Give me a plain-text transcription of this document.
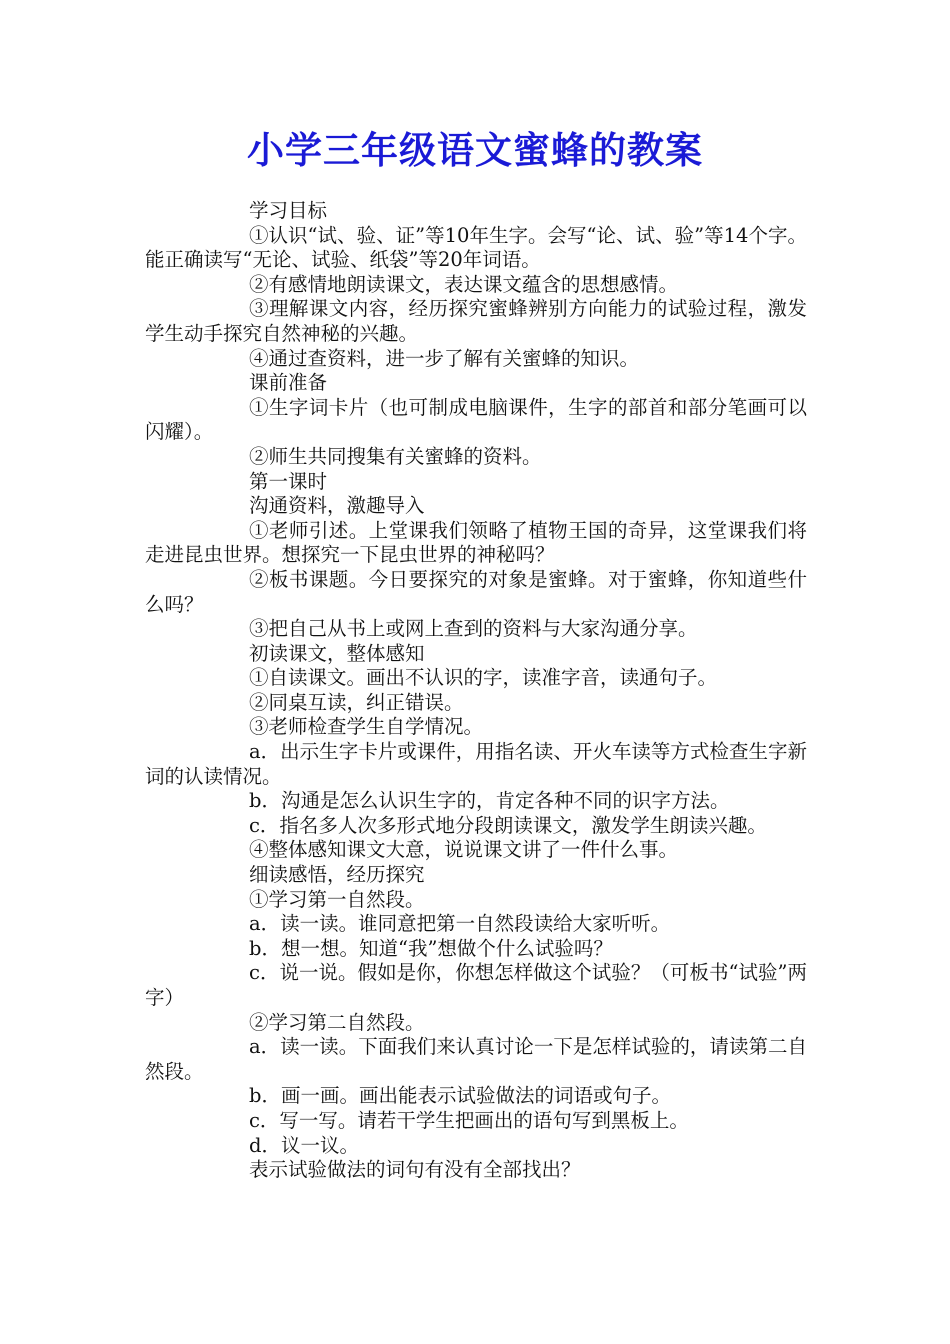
小学三年级语文蜜蜂的教案

学习目标

①认识“试、验、证”等10年生字。会写“论、试、验”等14个字。能正确读写“无论、试验、纸袋”等20年词语。

②有感情地朗读课文，表达课文蕴含的思想感情。

③理解课文内容，经历探究蜜蜂辨别方向能力的试验过程，激发学生动手探究自然神秘的兴趣。

④通过查资料，进一步了解有关蜜蜂的知识。

课前准备

①生字词卡片（也可制成电脑课件，生字的部首和部分笔画可以闪耀）。

②师生共同搜集有关蜜蜂的资料。

第一课时

沟通资料，激趣导入

①老师引述。上堂课我们领略了植物王国的奇异，这堂课我们将走进昆虫世界。想探究一下昆虫世界的神秘吗？

②板书课题。今日要探究的对象是蜜蜂。对于蜜蜂，你知道些什么吗？

③把自己从书上或网上查到的资料与大家沟通分享。

初读课文，整体感知

①自读课文。画出不认识的字，读准字音，读通句子。

②同桌互读，纠正错误。

③老师检查学生自学情况。

a．出示生字卡片或课件，用指名读、开火车读等方式检查生字新词的认读情况。

b．沟通是怎么认识生字的，肯定各种不同的识字方法。

c．指名多人次多形式地分段朗读课文，激发学生朗读兴趣。

④整体感知课文大意，说说课文讲了一件什么事。

细读感悟，经历探究

①学习第一自然段。

a．读一读。谁同意把第一自然段读给大家听听。

b．想一想。知道“我”想做个什么试验吗？

c．说一说。假如是你，你想怎样做这个试验？（可板书“试验”两字）

②学习第二自然段。

a．读一读。下面我们来认真讨论一下是怎样试验的，请读第二自然段。

b．画一画。画出能表示试验做法的词语或句子。

c．写一写。请若干学生把画出的语句写到黑板上。

d．议一议。

表示试验做法的词句有没有全部找出？
